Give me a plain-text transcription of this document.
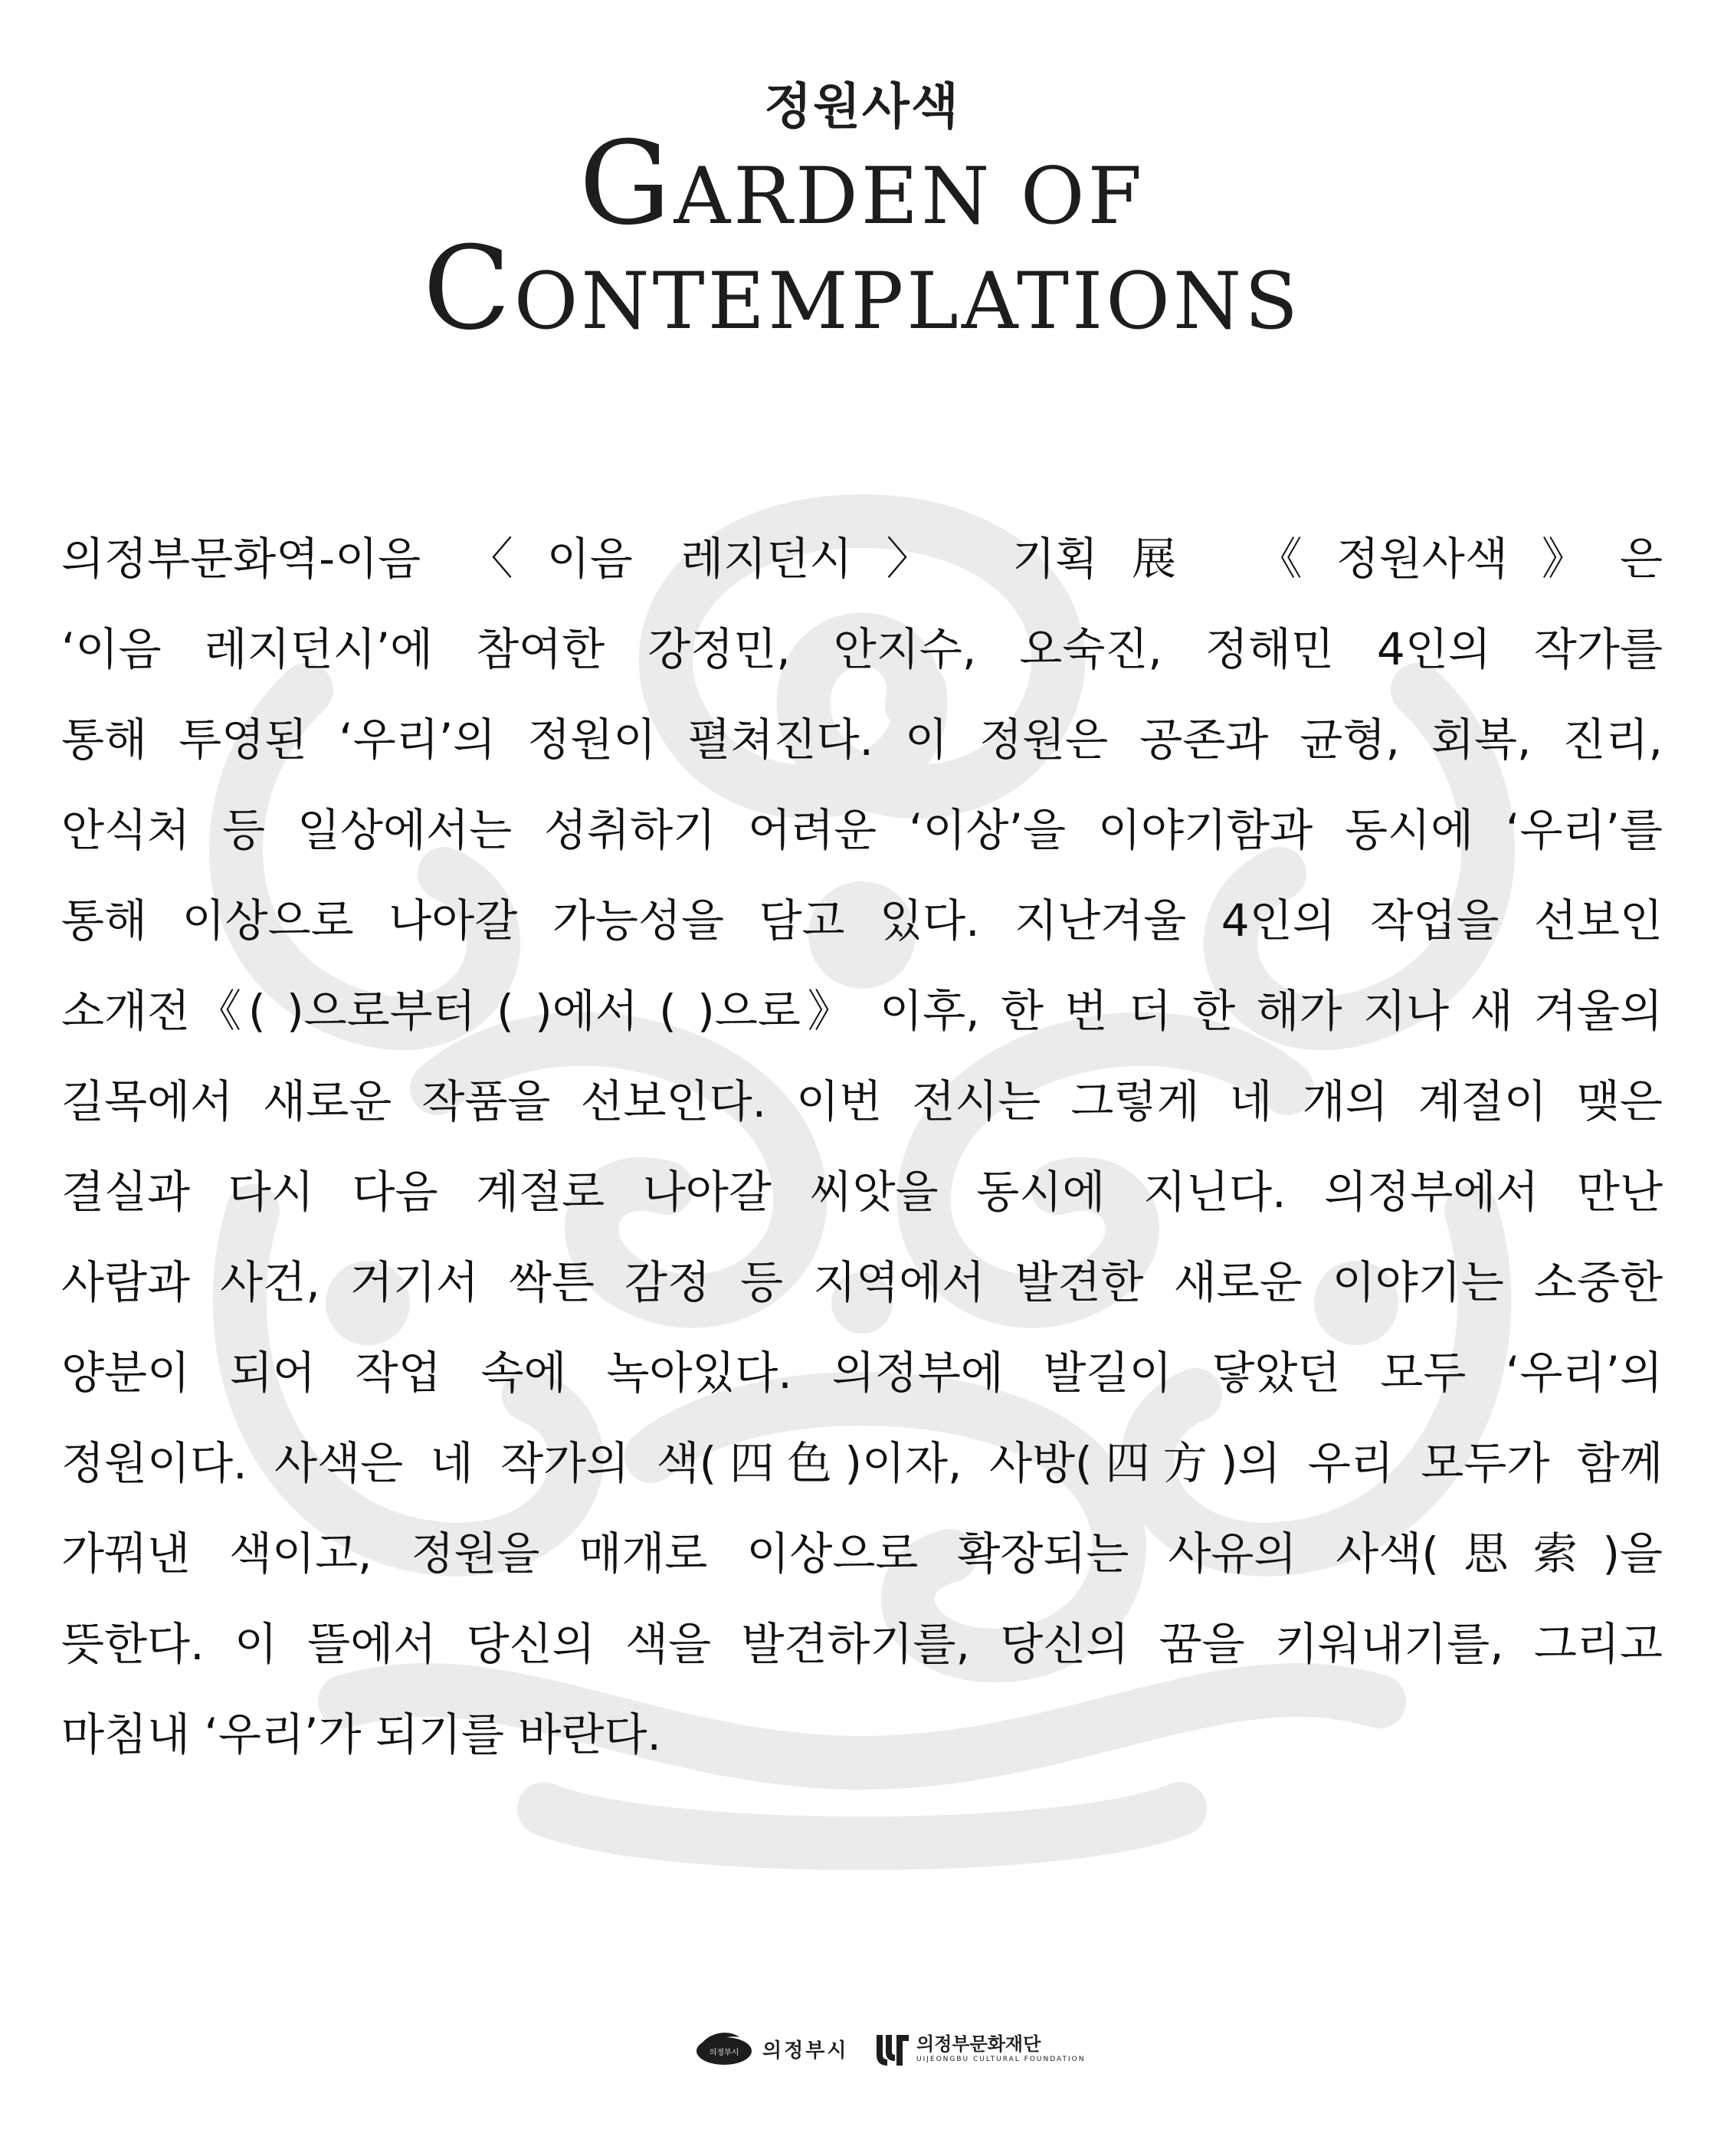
정원사색
GARDEN OF
CONTEMPLATIONS
의정부문화역-이음 〈이음 레지던시〉 기획展 《정원사색》은
‘이음 레지던시’에 참여한 강정민, 안지수, 오숙진, 정해민 4인의 작가를
통해 투영된 ‘우리’의 정원이 펼쳐진다. 이 정원은 공존과 균형, 회복, 진리,
안식처 등 일상에서는 성취하기 어려운 ‘이상’을 이야기함과 동시에 ‘우리’를
통해 이상으로 나아갈 가능성을 담고 있다. 지난겨울 4인의 작업을 선보인
소개전《( )으로부터 ( )에서 ( )으로》 이후, 한 번 더 한 해가 지나 새 겨울의
길목에서 새로운 작품을 선보인다. 이번 전시는 그렇게 네 개의 계절이 맺은
결실과 다시 다음 계절로 나아갈 씨앗을 동시에 지닌다. 의정부에서 만난
사람과 사건, 거기서 싹튼 감정 등 지역에서 발견한 새로운 이야기는 소중한
양분이 되어 작업 속에 녹아있다. 의정부에 발길이 닿았던 모두 ‘우리’의
정원이다. 사색은 네 작가의 색(四色)이자, 사방(四方)의 우리 모두가 함께
가꿔낸 색이고, 정원을 매개로 이상으로 확장되는 사유의 사색(思索)을
뜻한다. 이 뜰에서 당신의 색을 발견하기를, 당신의 꿈을 키워내기를, 그리고
마침내 ‘우리’가 되기를 바란다.
의정부시 의정부시	의정부문화재단
UIJEONGBU CULTURAL FOUNDATION
